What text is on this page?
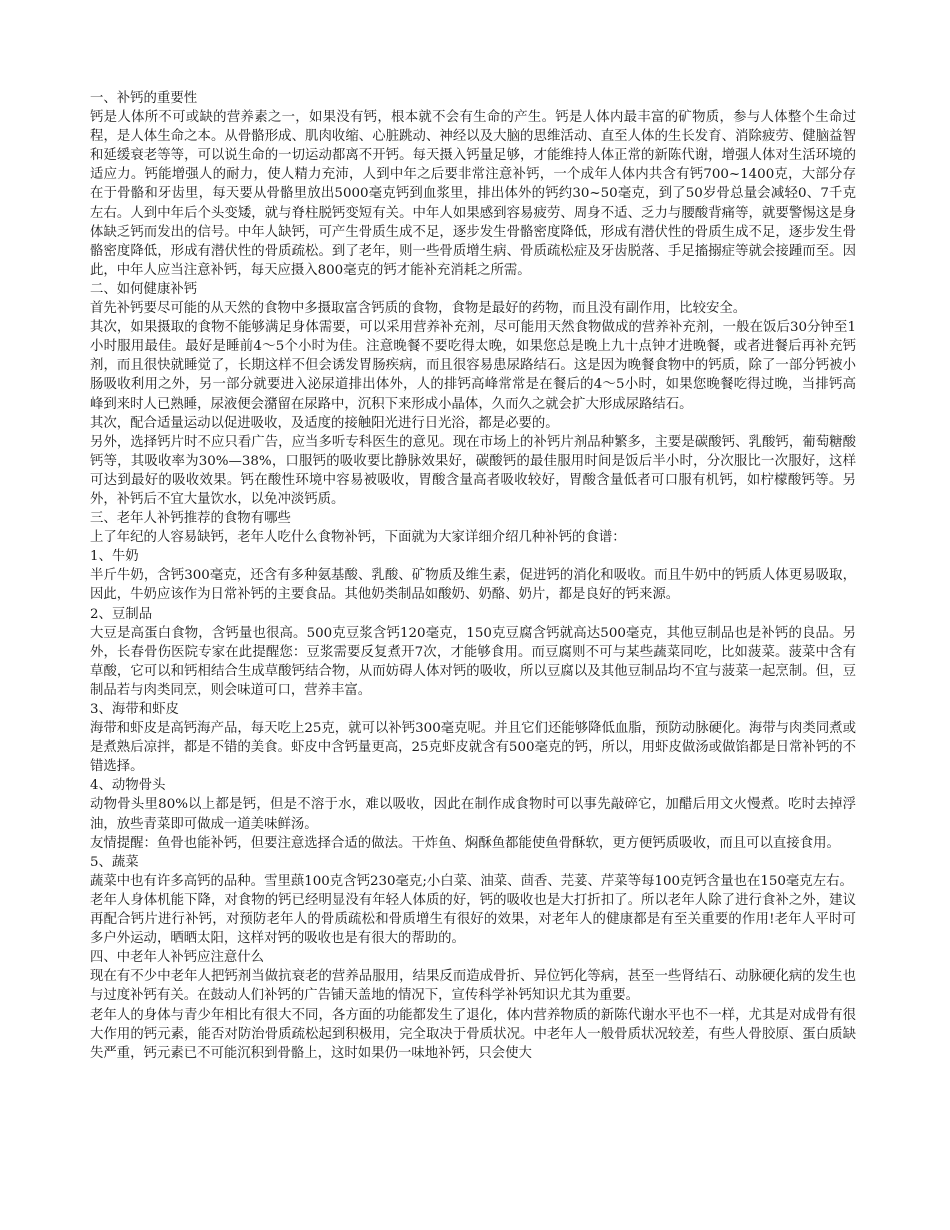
一、补钙的重要性

钙是人体所不可或缺的营养素之一，如果没有钙，根本就不会有生命的产生。钙是人体内最丰富的矿物质，参与人体整个生命过程，是人体生命之本。从骨骼形成、肌肉收缩、心脏跳动、神经以及大脑的思维活动、直至人体的生长发育、消除疲劳、健脑益智和延缓衰老等等，可以说生命的一切运动都离不开钙。每天摄入钙量足够，才能维持人体正常的新陈代谢，增强人体对生活环境的适应力。钙能增强人的耐力，使人精力充沛，人到中年之后要非常注意补钙，一个成年人体内共含有钙700~1400克，大部分存在于骨骼和牙齿里，每天要从骨骼里放出5000毫克钙到血浆里，排出体外的钙约30~50毫克，到了50岁骨总量会减轻0、7千克左右。人到中年后个头变矮，就与脊柱脱钙变短有关。中年人如果感到容易疲劳、周身不适、乏力与腰酸背痛等，就要警惕这是身体缺乏钙而发出的信号。中年人缺钙，可产生骨质生成不足，逐步发生骨骼密度降低，形成有潜伏性的骨质生成不足，逐步发生骨骼密度降低，形成有潜伏性的骨质疏松。到了老年，则一些骨质增生病、骨质疏松症及牙齿脱落、手足搐搦症等就会接踵而至。因此，中年人应当注意补钙，每天应摄入800毫克的钙才能补充消耗之所需。

二、如何健康补钙

首先补钙要尽可能的从天然的食物中多摄取富含钙质的食物，食物是最好的药物，而且没有副作用，比较安全。

其次，如果摄取的食物不能够满足身体需要，可以采用营养补充剂，尽可能用天然食物做成的营养补充剂，一般在饭后30分钟至1小时服用最佳。最好是睡前4～5个小时为佳。注意晚餐不要吃得太晚，如果您总是晚上九十点钟才进晚餐，或者进餐后再补充钙剂，而且很快就睡觉了，长期这样不但会诱发胃肠疾病，而且很容易患尿路结石。这是因为晚餐食物中的钙质，除了一部分钙被小肠吸收利用之外，另一部分就要进入泌尿道排出体外，人的排钙高峰常常是在餐后的4～5小时，如果您晚餐吃得过晚，当排钙高峰到来时人已熟睡，尿液便会潴留在尿路中，沉积下来形成小晶体，久而久之就会扩大形成尿路结石。

其次，配合适量运动以促进吸收，及适度的接触阳光进行日光浴，都是必要的。

另外，选择钙片时不应只看广告，应当多听专科医生的意见。现在市场上的补钙片剂品种繁多，主要是碳酸钙、乳酸钙，葡萄糖酸钙等，其吸收率为30%—38%，口服钙的吸收要比静脉效果好，碳酸钙的最佳服用时间是饭后半小时，分次服比一次服好，这样可达到最好的吸收效果。钙在酸性环境中容易被吸收，胃酸含量高者吸收较好，胃酸含量低者可口服有机钙，如柠檬酸钙等。另外，补钙后不宜大量饮水，以免冲淡钙质。

三、老年人补钙推荐的食物有哪些

上了年纪的人容易缺钙，老年人吃什么食物补钙，下面就为大家详细介绍几种补钙的食谱：

1、牛奶

半斤牛奶，含钙300毫克，还含有多种氨基酸、乳酸、矿物质及维生素，促进钙的消化和吸收。而且牛奶中的钙质人体更易吸取，因此，牛奶应该作为日常补钙的主要食品。其他奶类制品如酸奶、奶酪、奶片，都是良好的钙来源。

2、豆制品

大豆是高蛋白食物，含钙量也很高。500克豆浆含钙120毫克，150克豆腐含钙就高达500毫克，其他豆制品也是补钙的良品。另外，长春骨伤医院专家在此提醒您：豆浆需要反复煮开7次，才能够食用。而豆腐则不可与某些蔬菜同吃，比如菠菜。菠菜中含有草酸，它可以和钙相结合生成草酸钙结合物，从而妨碍人体对钙的吸收，所以豆腐以及其他豆制品均不宜与菠菜一起烹制。但，豆制品若与肉类同烹，则会味道可口，营养丰富。

3、海带和虾皮

海带和虾皮是高钙海产品，每天吃上25克，就可以补钙300毫克呢。并且它们还能够降低血脂，预防动脉硬化。海带与肉类同煮或是煮熟后凉拌，都是不错的美食。虾皮中含钙量更高，25克虾皮就含有500毫克的钙，所以，用虾皮做汤或做馅都是日常补钙的不错选择。

4、动物骨头

动物骨头里80%以上都是钙，但是不溶于水，难以吸收，因此在制作成食物时可以事先敲碎它，加醋后用文火慢煮。吃时去掉浮油，放些青菜即可做成一道美味鲜汤。

友情提醒：鱼骨也能补钙，但要注意选择合适的做法。干炸鱼、焖酥鱼都能使鱼骨酥软，更方便钙质吸收，而且可以直接食用。

5、蔬菜

蔬菜中也有许多高钙的品种。雪里蕻100克含钙230毫克;小白菜、油菜、茴香、芫荽、芹菜等每100克钙含量也在150毫克左右。

老年人身体机能下降，对食物的钙已经明显没有年轻人体质的好，钙的吸收也是大打折扣了。所以老年人除了进行食补之外，建议再配合钙片进行补钙，对预防老年人的骨质疏松和骨质增生有很好的效果，对老年人的健康都是有至关重要的作用!老年人平时可多户外运动，晒晒太阳，这样对钙的吸收也是有很大的帮助的。

四、中老年人补钙应注意什么

现在有不少中老年人把钙剂当做抗衰老的营养品服用，结果反而造成骨折、异位钙化等病，甚至一些肾结石、动脉硬化病的发生也与过度补钙有关。在鼓动人们补钙的广告铺天盖地的情况下，宣传科学补钙知识尤其为重要。

老年人的身体与青少年相比有很大不同，各方面的功能都发生了退化，体内营养物质的新陈代谢水平也不一样，尤其是对成骨有很大作用的钙元素，能否对防治骨质疏松起到积极用，完全取决于骨质状况。中老年人一般骨质状况较差，有些人骨胶原、蛋白质缺失严重，钙元素已不可能沉积到骨骼上，这时如果仍一味地补钙，只会使大
